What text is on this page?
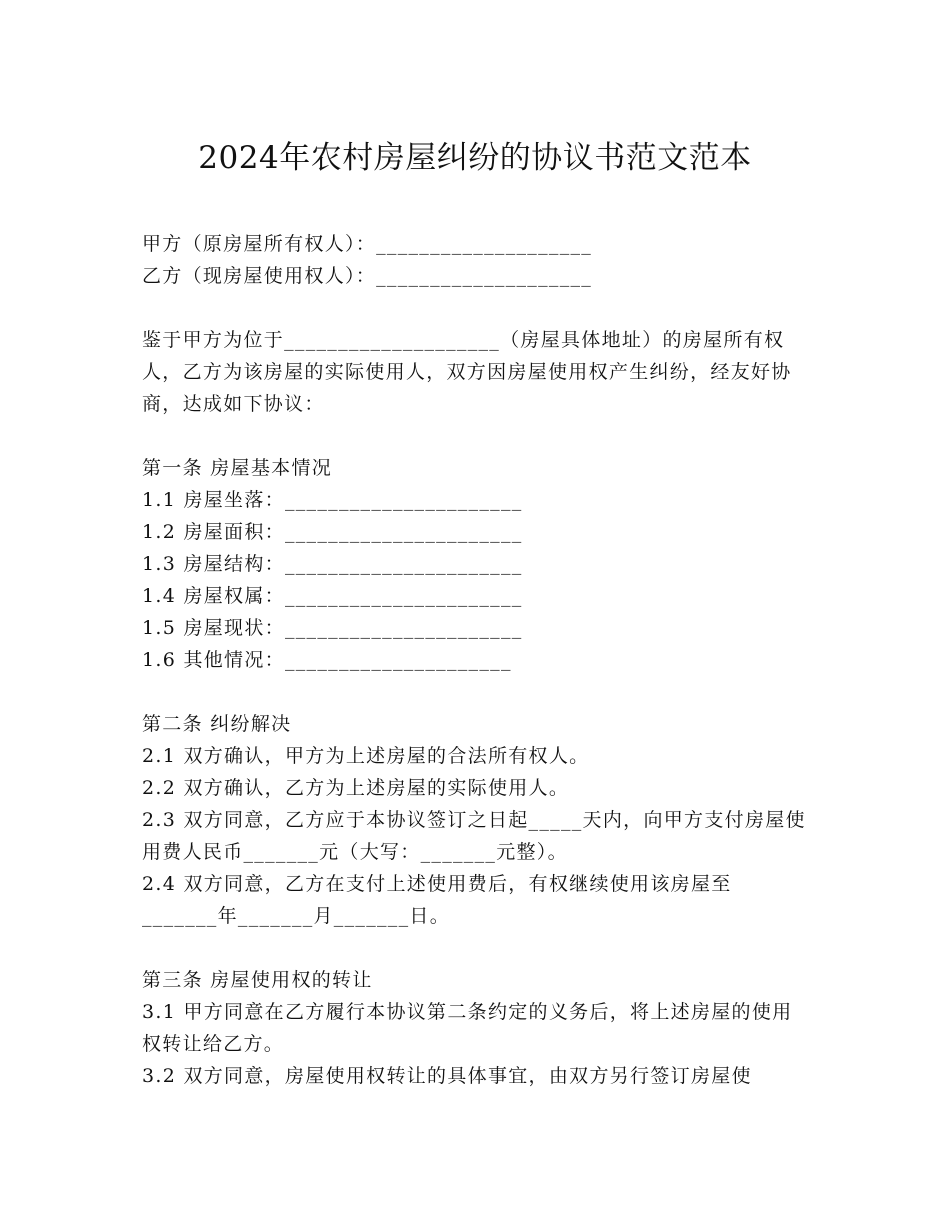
2024年农村房屋纠纷的协议书范文范本
甲方（原房屋所有权人）：____________________
乙方（现房屋使用权人）：____________________
鉴于甲方为位于____________________（房屋具体地址）的房屋所有权人，乙方为该房屋的实际使用人，双方因房屋使用权产生纠纷，经友好协商，达成如下协议：
第一条 房屋基本情况
1.1 房屋坐落：______________________
1.2 房屋面积：______________________
1.3 房屋结构：______________________
1.4 房屋权属：______________________
1.5 房屋现状：______________________
1.6 其他情况：_____________________
第二条 纠纷解决
2.1 双方确认，甲方为上述房屋的合法所有权人。
2.2 双方确认，乙方为上述房屋的实际使用人。
2.3 双方同意，乙方应于本协议签订之日起_____天内，向甲方支付房屋使用费人民币_______元（大写：_______元整）。
2.4 双方同意，乙方在支付上述使用费后，有权继续使用该房屋至_______年_______月_______日。
第三条 房屋使用权的转让
3.1 甲方同意在乙方履行本协议第二条约定的义务后，将上述房屋的使用权转让给乙方。
3.2 双方同意，房屋使用权转让的具体事宜，由双方另行签订房屋使
